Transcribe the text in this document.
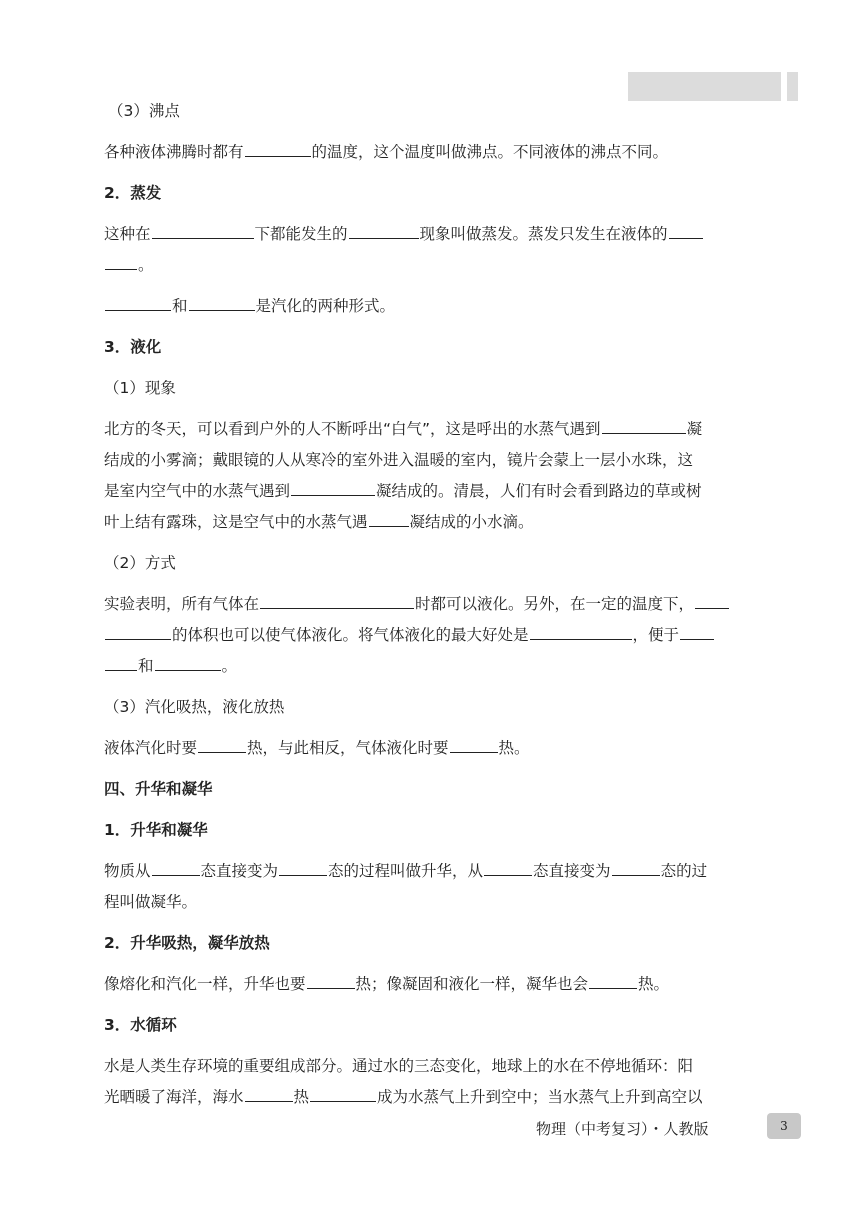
（3）沸点
各种液体沸腾时都有	的温度，这个温度叫做沸点。不同液体的沸点不同。
2．蒸发
这种在	下都能发生的	现象叫做蒸发。蒸发只发生在液体的
。
和	是汽化的两种形式。
3．液化
（1）现象
北方的冬天，可以看到户外的人不断呼出“白气”，这是呼出的水蒸气遇到	凝
结成的小雾滴；戴眼镜的人从寒冷的室外进入温暖的室内，镜片会蒙上一层小水珠，这
是室内空气中的水蒸气遇到	凝结成的。清晨，人们有时会看到路边的草或树
叶上结有露珠，这是空气中的水蒸气遇	凝结成的小水滴。
（2）方式
实验表明，所有气体在	时都可以液化。另外，在一定的温度下，
的体积也可以使气体液化。将气体液化的最大好处是	，便于
和	。
（3）汽化吸热，液化放热
液体汽化时要	热，与此相反，气体液化时要	热。
四、升华和凝华
1．升华和凝华
物质从	态直接变为	态的过程叫做升华，从	态直接变为	态的过
程叫做凝华。
2．升华吸热，凝华放热
像熔化和汽化一样，升华也要	热；像凝固和液化一样，凝华也会	热。
3．水循环
水是人类生存环境的重要组成部分。通过水的三态变化，地球上的水在不停地循环：阳
光晒暖了海洋，海水	热	成为水蒸气上升到空中；当水蒸气上升到高空以
物理（中考复习）・人教版	3
